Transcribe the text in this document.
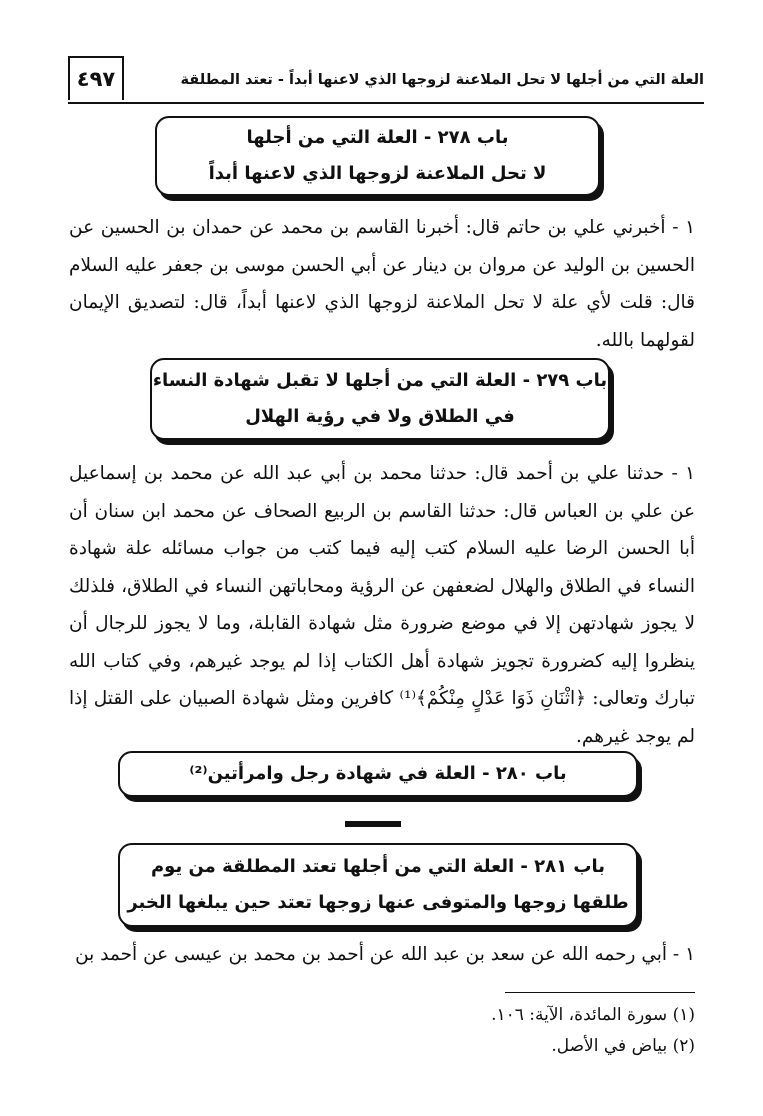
العلة التي من أجلها لا تحل الملاعنة لزوجها الذي لاعنها أبداً - تعتد المطلقة
٤٩٧
باب ٢٧٨ - العلة التي من أجلها
لا تحل الملاعنة لزوجها الذي لاعنها أبداً

١ - أخبرني علي بن حاتم قال: أخبرنا القاسم بن محمد عن حمدان بن الحسين عن الحسين بن الوليد عن مروان بن دينار عن أبي الحسن موسى بن جعفر عليه السلام قال: قلت لأي علة لا تحل الملاعنة لزوجها الذي لاعنها أبداً، قال: لتصديق الإيمان لقولهما بالله.

باب ٢٧٩ - العلة التي من أجلها لا تقبل شهادة النساء
في الطلاق ولا في رؤية الهلال

١ - حدثنا علي بن أحمد قال: حدثنا محمد بن أبي عبد الله عن محمد بن إسماعيل عن علي بن العباس قال: حدثنا القاسم بن الربيع الصحاف عن محمد ابن سنان أن أبا الحسن الرضا عليه السلام كتب إليه فيما كتب من جواب مسائله علة شهادة النساء في الطلاق والهلال لضعفهن عن الرؤية ومحاباتهن النساء في الطلاق، فلذلك لا يجوز شهادتهن إلا في موضع ضرورة مثل شهادة القابلة، وما لا يجوز للرجال أن ينظروا إليه كضرورة تجويز شهادة أهل الكتاب إذا لم يوجد غيرهم، وفي كتاب الله تبارك وتعالى: ﴿اثْنَانِ ذَوَا عَدْلٍ مِنْكُمْ﴾⁽¹⁾ كافرين ومثل شهادة الصبيان على القتل إذا لم يوجد غيرهم.

باب ٢٨٠ - العلة في شهادة رجل وامرأتين⁽²⁾
باب ٢٨١ - العلة التي من أجلها تعتد المطلقة من يوم
طلقها زوجها والمتوفى عنها زوجها تعتد حين يبلغها الخبر

١ - أبي رحمه الله عن سعد بن عبد الله عن أحمد بن محمد بن عيسى عن أحمد بن

(١) سورة المائدة، الآية: ١٠٦.
(٢) بياض في الأصل.
